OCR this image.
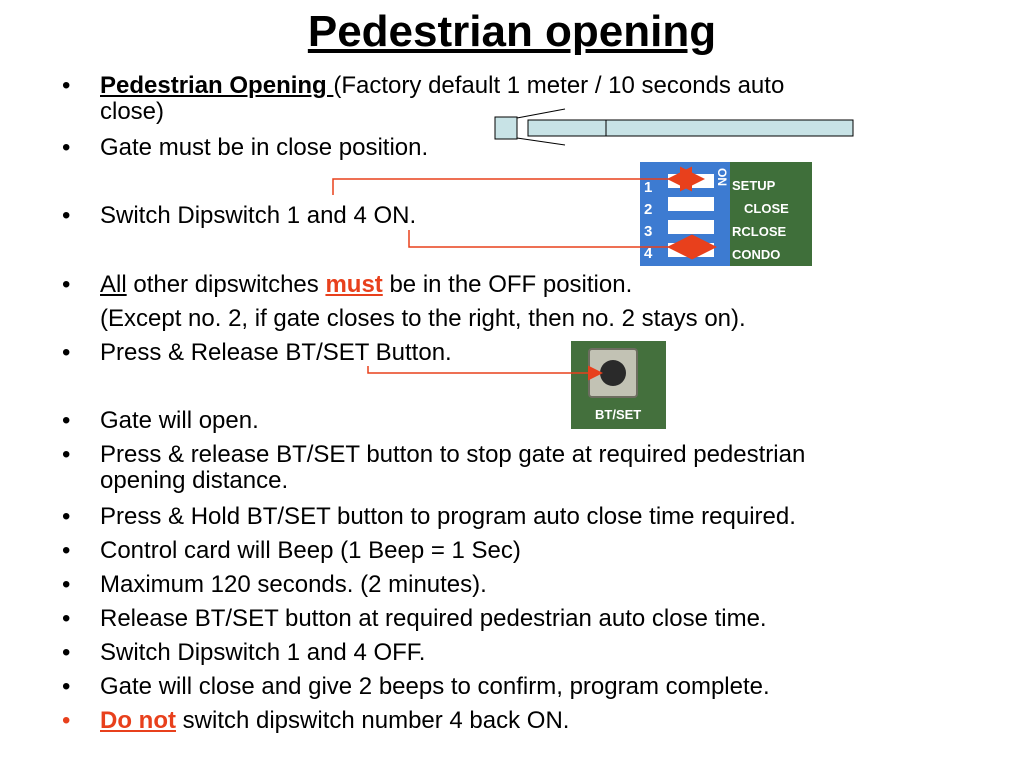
Pedestrian opening
• Pedestrian Opening (Factory default 1 meter / 10 seconds auto
close)
• Gate must be in close position.
• Switch Dipswitch 1 and 4 ON.
• All other dipswitches must be in the OFF position.
(Except no. 2, if gate closes to the right, then no. 2 stays on).
• Press & Release BT/SET Button.
• Gate will open.
• Press & release BT/SET button to stop gate at required pedestrian
opening distance.
• Press & Hold BT/SET button to program auto close time required.
• Control card will Beep (1 Beep = 1 Sec)
• Maximum 120 seconds. (2 minutes).
• Release BT/SET button at required pedestrian auto close time.
• Switch Dipswitch 1 and 4 OFF.
• Gate will close and give 2 beeps to confirm, program complete.
• Do not switch dipswitch number 4 back ON.
1
2
3
4
ON SETUP
CLOSE
RCLOSE
CONDO
BT/SET
